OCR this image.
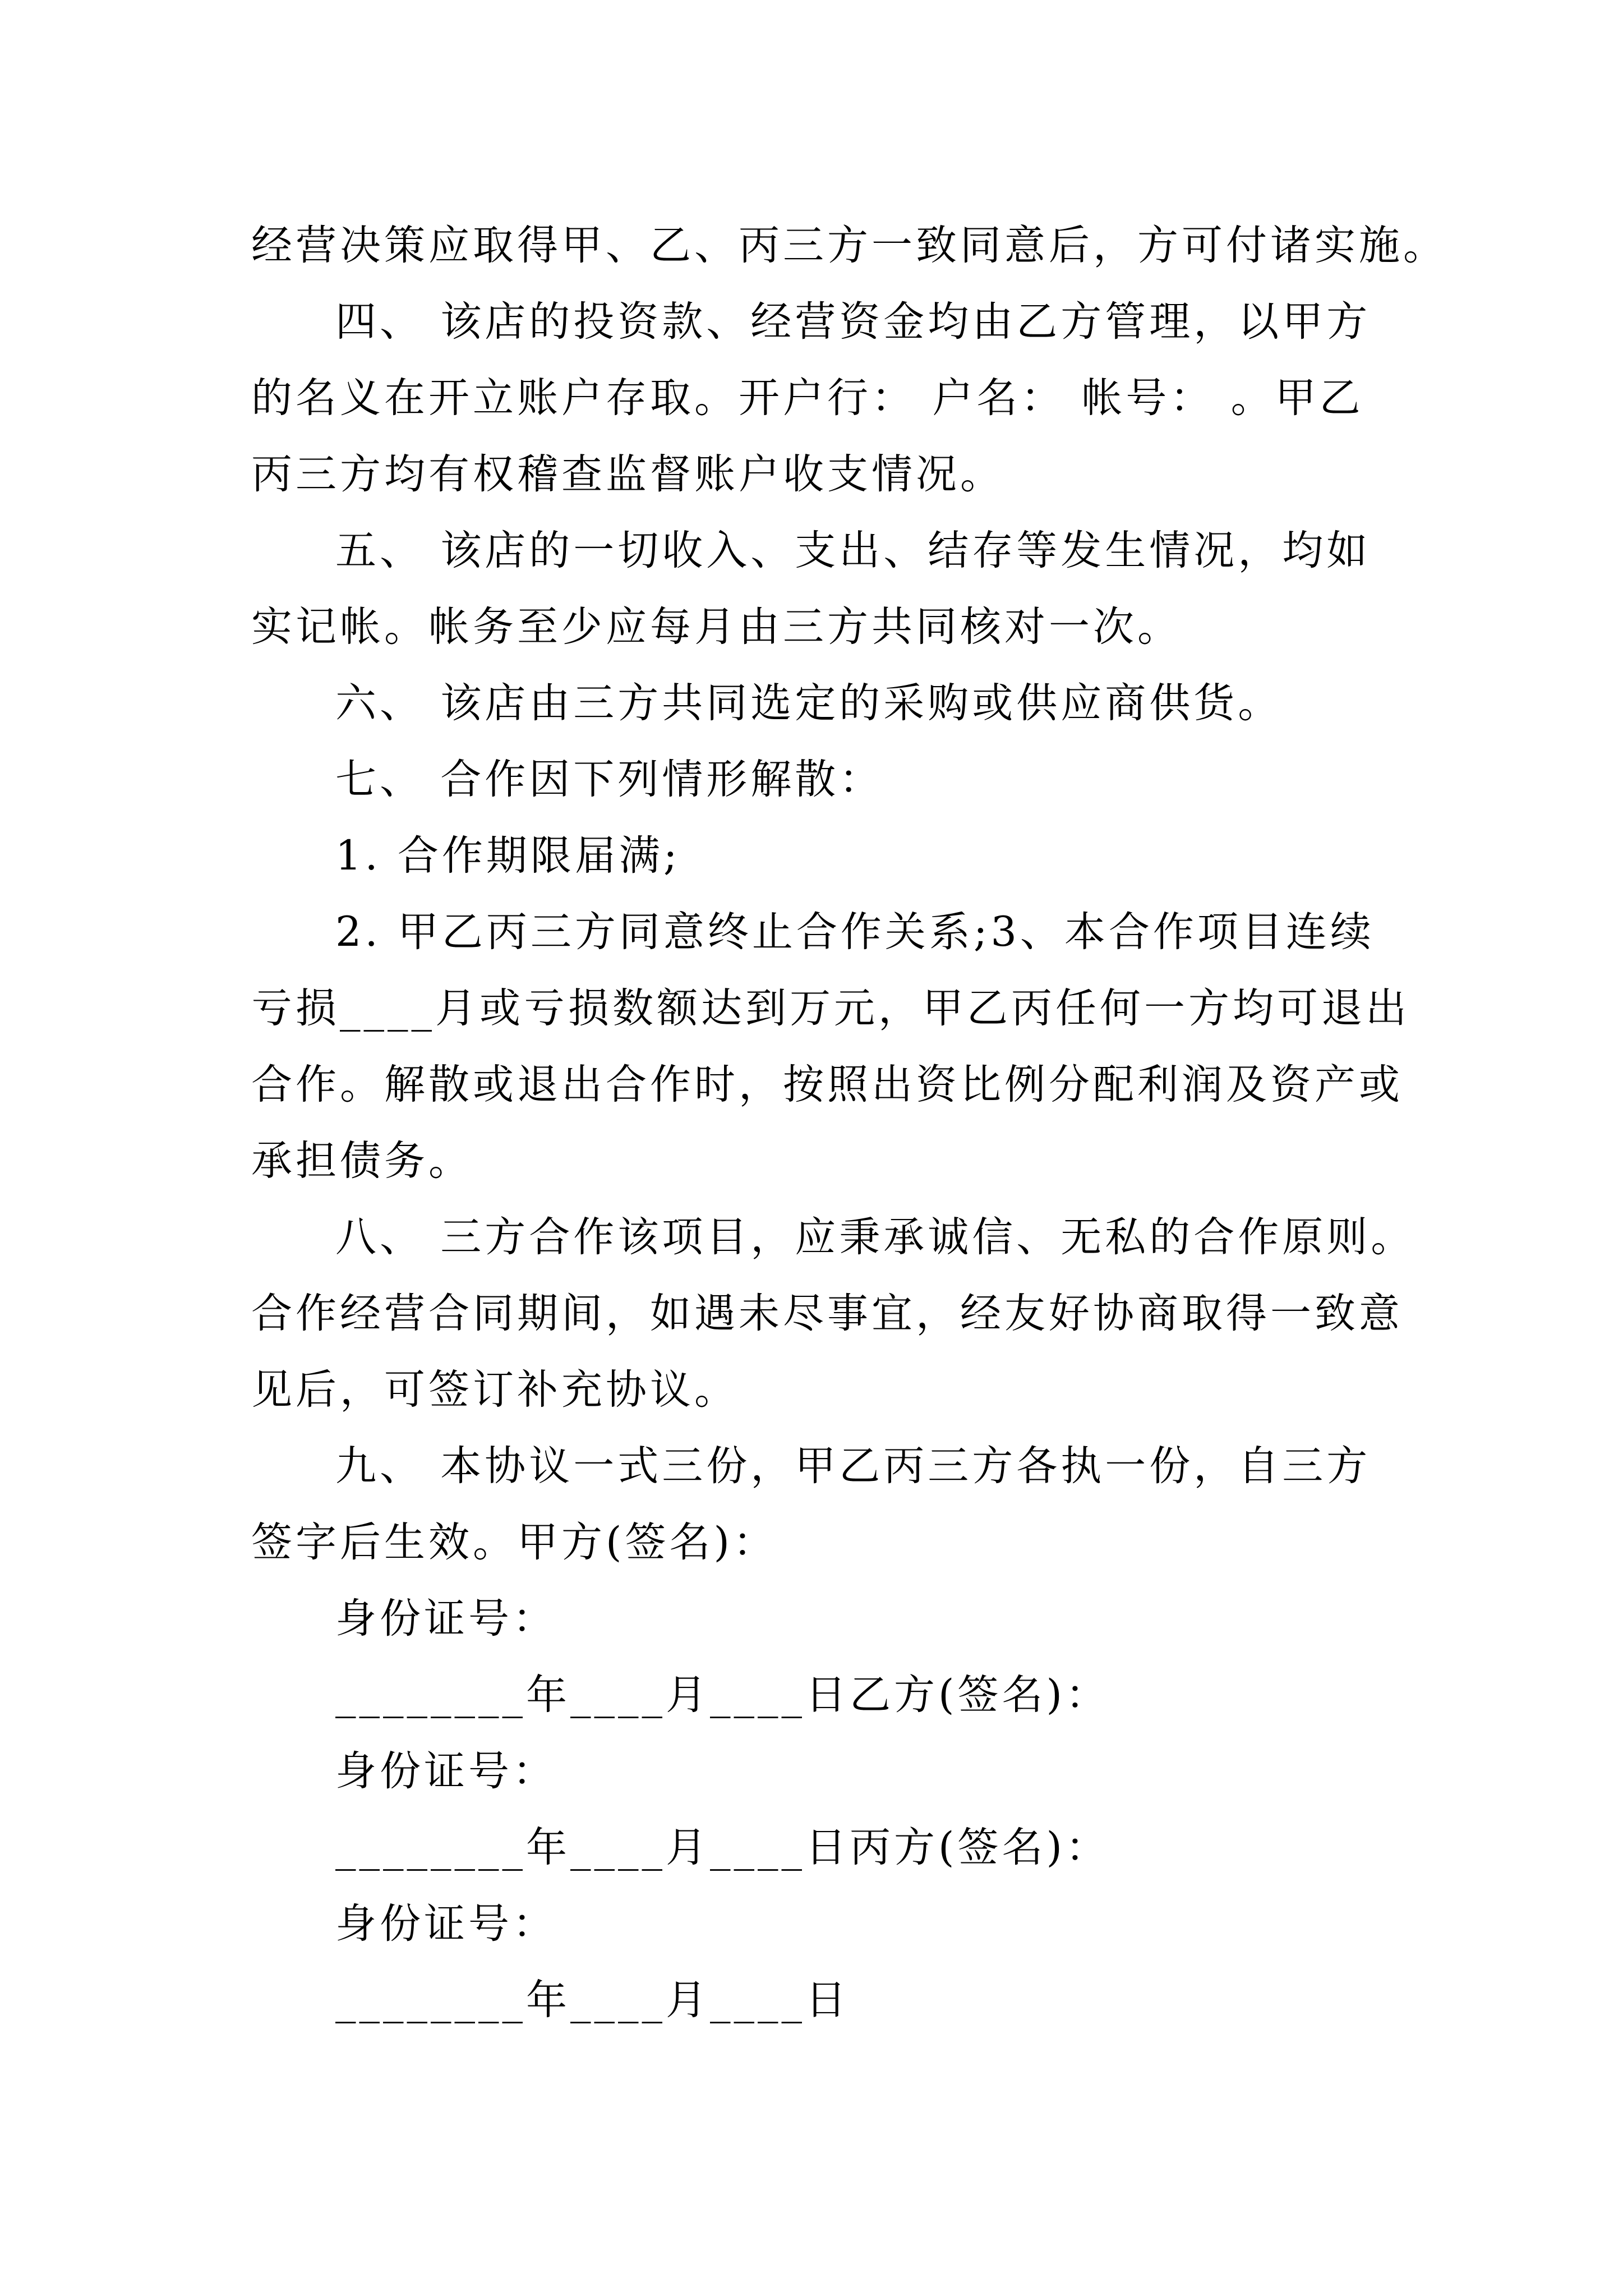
经营决策应取得甲、乙、丙三方一致同意后，方可付诸实施。
四、 该店的投资款、经营资金均由乙方管理，以甲方
的名义在开立账户存取。开户行： 户名： 帐号： 。甲乙
丙三方均有权稽查监督账户收支情况。
五、 该店的一切收入、支出、结存等发生情况，均如
实记帐。帐务至少应每月由三方共同核对一次。
六、 该店由三方共同选定的采购或供应商供货。
七、 合作因下列情形解散：
1. 合作期限届满;
2. 甲乙丙三方同意终止合作关系;3、本合作项目连续
亏损____月或亏损数额达到万元，甲乙丙任何一方均可退出
合作。解散或退出合作时，按照出资比例分配利润及资产或
承担债务。
八、 三方合作该项目，应秉承诚信、无私的合作原则。
合作经营合同期间，如遇未尽事宜，经友好协商取得一致意
见后，可签订补充协议。
九、 本协议一式三份，甲乙丙三方各执一份，自三方
签字后生效。甲方(签名)：
身份证号：
________年____月____日乙方(签名)：
身份证号：
________年____月____日丙方(签名)：
身份证号：
________年____月____日
